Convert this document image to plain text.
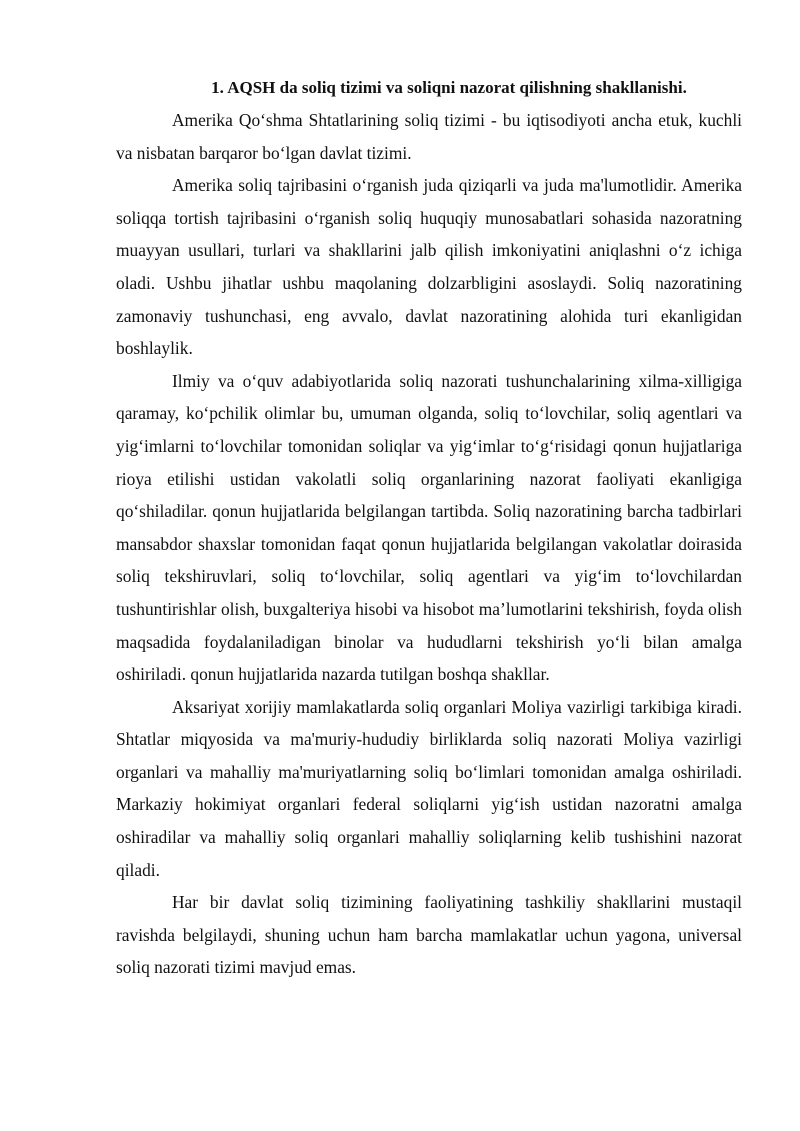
1. AQSH da soliq tizimi va soliqni nazorat qilishning shakllanishi.

Amerika Qo‘shma Shtatlarining soliq tizimi - bu iqtisodiyoti ancha etuk, kuchli va nisbatan barqaror bo‘lgan davlat tizimi.

Amerika soliq tajribasini o‘rganish juda qiziqarli va juda ma'lumotlidir. Amerika soliqqa tortish tajribasini o‘rganish soliq huquqiy munosabatlari sohasida nazoratning muayyan usullari, turlari va shakllarini jalb qilish imkoniyatini aniqlashni o‘z ichiga oladi. Ushbu jihatlar ushbu maqolaning dolzarbligini asoslaydi. Soliq nazoratining zamonaviy tushunchasi, eng avvalo, davlat nazoratining alohida turi ekanligidan boshlaylik.

Ilmiy va o‘quv adabiyotlarida soliq nazorati tushunchalarining xilma-xilligiga qaramay, ko‘pchilik olimlar bu, umuman olganda, soliq to‘lovchilar, soliq agentlari va yig‘imlarni to‘lovchilar tomonidan soliqlar va yig‘imlar to‘g‘risidagi qonun hujjatlariga rioya etilishi ustidan vakolatli soliq organlarining nazorat faoliyati ekanligiga qo‘shiladilar. qonun hujjatlarida belgilangan tartibda. Soliq nazoratining barcha tadbirlari mansabdor shaxslar tomonidan faqat qonun hujjatlarida belgilangan vakolatlar doirasida soliq tekshiruvlari, soliq to‘lovchilar, soliq agentlari va yig‘im to‘lovchilardan tushuntirishlar olish, buxgalteriya hisobi va hisobot ma’lumotlarini tekshirish, foyda olish maqsadida foydalaniladigan binolar va hududlarni tekshirish yo‘li bilan amalga oshiriladi. qonun hujjatlarida nazarda tutilgan boshqa shakllar.

Aksariyat xorijiy mamlakatlarda soliq organlari Moliya vazirligi tarkibiga kiradi. Shtatlar miqyosida va ma'muriy-hududiy birliklarda soliq nazorati Moliya vazirligi organlari va mahalliy ma'muriyatlarning soliq bo‘limlari tomonidan amalga oshiriladi. Markaziy hokimiyat organlari federal soliqlarni yig‘ish ustidan nazoratni amalga oshiradilar va mahalliy soliq organlari mahalliy soliqlarning kelib tushishini nazorat qiladi.

Har bir davlat soliq tizimining faoliyatining tashkiliy shakllarini mustaqil ravishda belgilaydi, shuning uchun ham barcha mamlakatlar uchun yagona, universal soliq nazorati tizimi mavjud emas.
